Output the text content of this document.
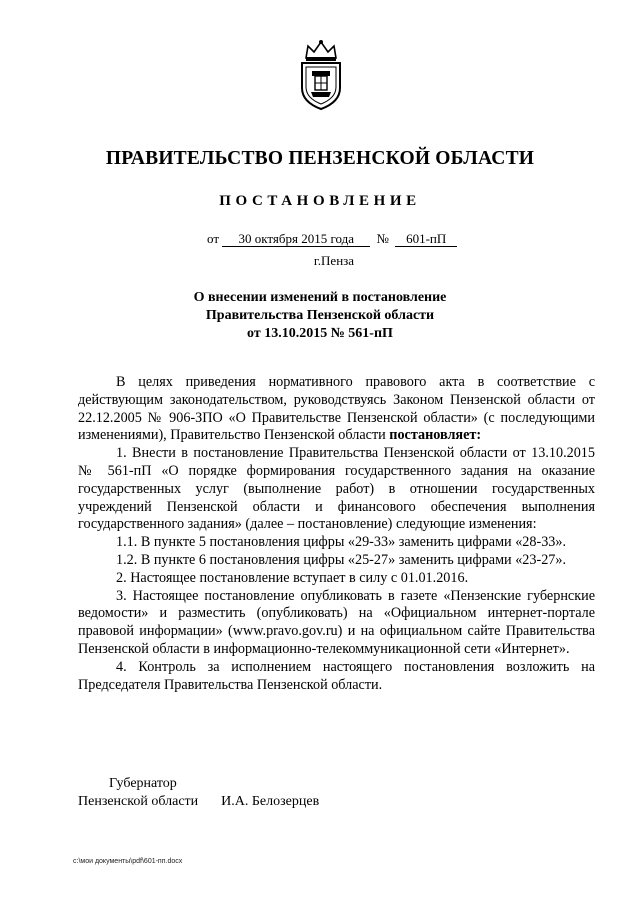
ПРАВИТЕЛЬСТВО ПЕНЗЕНСКОЙ ОБЛАСТИ
ПОСТАНОВЛЕНИЕ
от 30 октября 2015 года № 601-пП
г.Пенза
О внесении изменений в постановление
Правительства Пензенской области
от 13.10.2015 № 561-пП

В целях приведения нормативного правового акта в соответствие с действующим законодательством, руководствуясь Законом Пензенской области от 22.12.2005 № 906-ЗПО «О Правительстве Пензенской области» (с последующими изменениями), Правительство Пензенской области постановляет:

1. Внести в постановление Правительства Пензенской области от 13.10.2015 № 561-пП «О порядке формирования государственного задания на оказание государственных услуг (выполнение работ) в отношении государственных учреждений Пензенской области и финансового обеспечения выполнения государственного задания» (далее – постановление) следующие изменения:

1.1. В пункте 5 постановления цифры «29-33» заменить цифрами «28-33».

1.2. В пункте 6 постановления цифры «25-27» заменить цифрами «23-27».

2. Настоящее постановление вступает в силу с 01.01.2016.

3. Настоящее постановление опубликовать в газете «Пензенские губернские ведомости» и разместить (опубликовать) на «Официальном интернет-портале правовой информации» (www.pravo.gov.ru) и на официальном сайте Правительства Пензенской области в информационно-телекоммуникационной сети «Интернет».

4. Контроль за исполнением настоящего постановления возложить на Председателя Правительства Пензенской области.

Губернатор
Пензенской области И.А. Белозерцев
c:\мои документы\pdf\601-пп.docx
